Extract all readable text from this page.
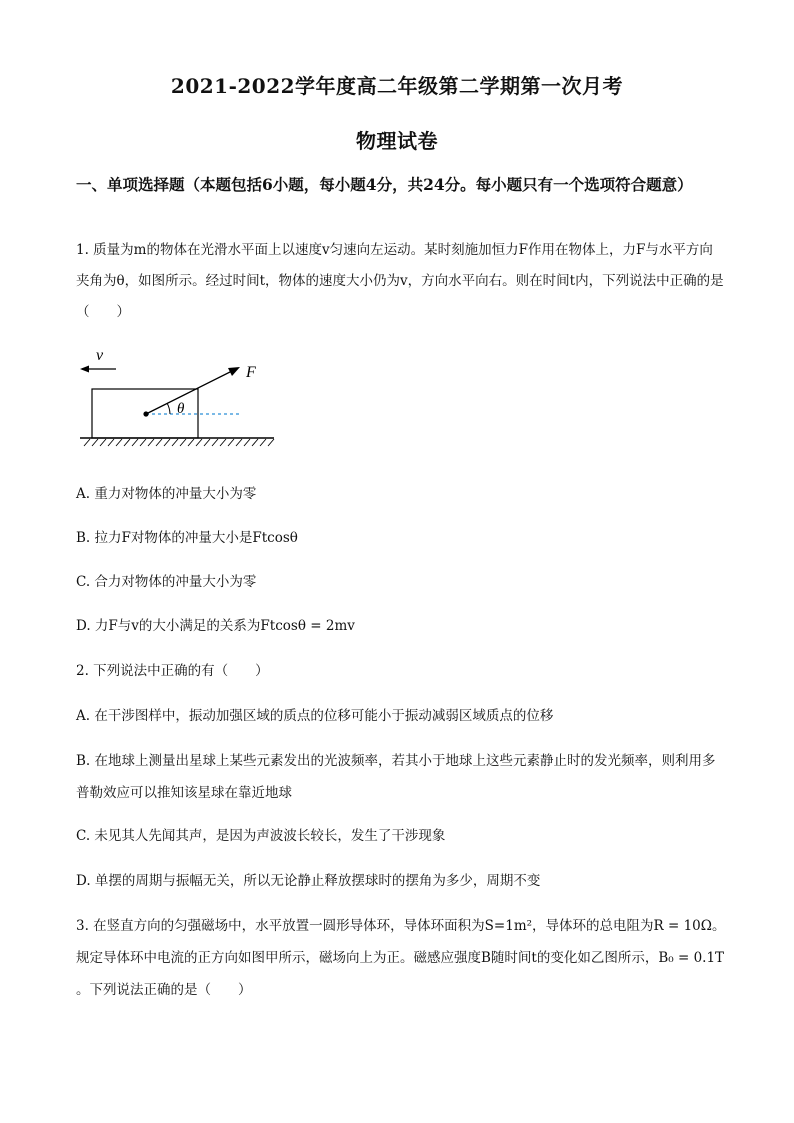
2021-2022学年度高二年级第二学期第一次月考
物理试卷
一、单项选择题（本题包括6小题，每小题4分，共24分。每小题只有一个选项符合题意）
1. 质量为m的物体在光滑水平面上以速度v匀速向左运动。某时刻施加恒力F作用在物体上，力F与水平方向夹角为θ，如图所示。经过时间t，物体的速度大小仍为v，方向水平向右。则在时间t内，下列说法中正确的是（　　）
v
θ
F
A. 重力对物体的冲量大小为零
B. 拉力F对物体的冲量大小是Ftcosθ
C. 合力对物体的冲量大小为零
D. 力F与v的大小满足的关系为Ftcosθ = 2mv
2. 下列说法中正确的有（　　）
A. 在干涉图样中，振动加强区域的质点的位移可能小于振动减弱区域质点的位移
B. 在地球上测量出星球上某些元素发出的光波频率，若其小于地球上这些元素静止时的发光频率，则利用多普勒效应可以推知该星球在靠近地球
C. 未见其人先闻其声，是因为声波波长较长，发生了干涉现象
D. 单摆的周期与振幅无关，所以无论静止释放摆球时的摆角为多少，周期不变
3. 在竖直方向的匀强磁场中，水平放置一圆形导体环，导体环面积为S=1m²，导体环的总电阻为R = 10Ω。规定导体环中电流的正方向如图甲所示，磁场向上为正。磁感应强度B随时间t的变化如乙图所示，B₀ = 0.1T 。下列说法正确的是（　　）
